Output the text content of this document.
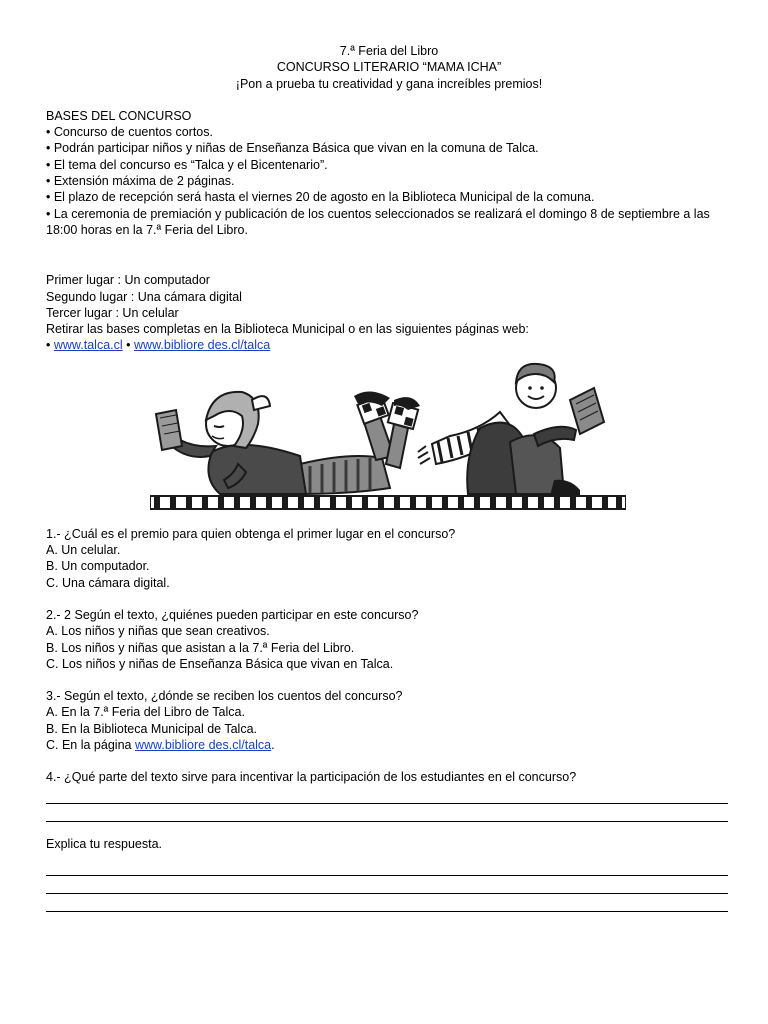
7.ª Feria del Libro
CONCURSO LITERARIO “MAMA ICHA”
¡Pon a prueba tu creatividad y gana increíbles premios!
BASES DEL CONCURSO
• Concurso de cuentos cortos.
• Podrán participar niños y niñas de Enseñanza Básica que vivan en la comuna de Talca.
• El tema del concurso es “Talca y el Bicentenario”.
• Extensión máxima de 2 páginas.
• El plazo de recepción será hasta el viernes 20 de agosto en la Biblioteca Municipal de la comuna.
• La ceremonia de premiación y publicación de los cuentos seleccionados se realizará el domingo 8 de septiembre a las 18:00 horas en la 7.ª Feria del Libro.
Primer lugar : Un computador
Segundo lugar : Una cámara digital
Tercer lugar : Un celular
Retirar las bases completas en la Biblioteca Municipal o en las siguientes páginas web:
• www.talca.cl • www.bibliore des.cl/talca
1.- ¿Cuál es el premio para quien obtenga el primer lugar en el concurso?
A. Un celular.
B. Un computador.
C. Una cámara digital.
2.- 2 Según el texto, ¿quiénes pueden participar en este concurso?
A. Los niños y niñas que sean creativos.
B. Los niños y niñas que asistan a la 7.ª Feria del Libro.
C. Los niños y niñas de Enseñanza Básica que vivan en Talca.
3.- Según el texto, ¿dónde se reciben los cuentos del concurso?
A. En la 7.ª Feria del Libro de Talca.
B. En la Biblioteca Municipal de Talca.
C. En la página www.bibliore des.cl/talca.
4.- ¿Qué parte del texto sirve para incentivar la participación de los estudiantes en el concurso?
Explica tu respuesta.
